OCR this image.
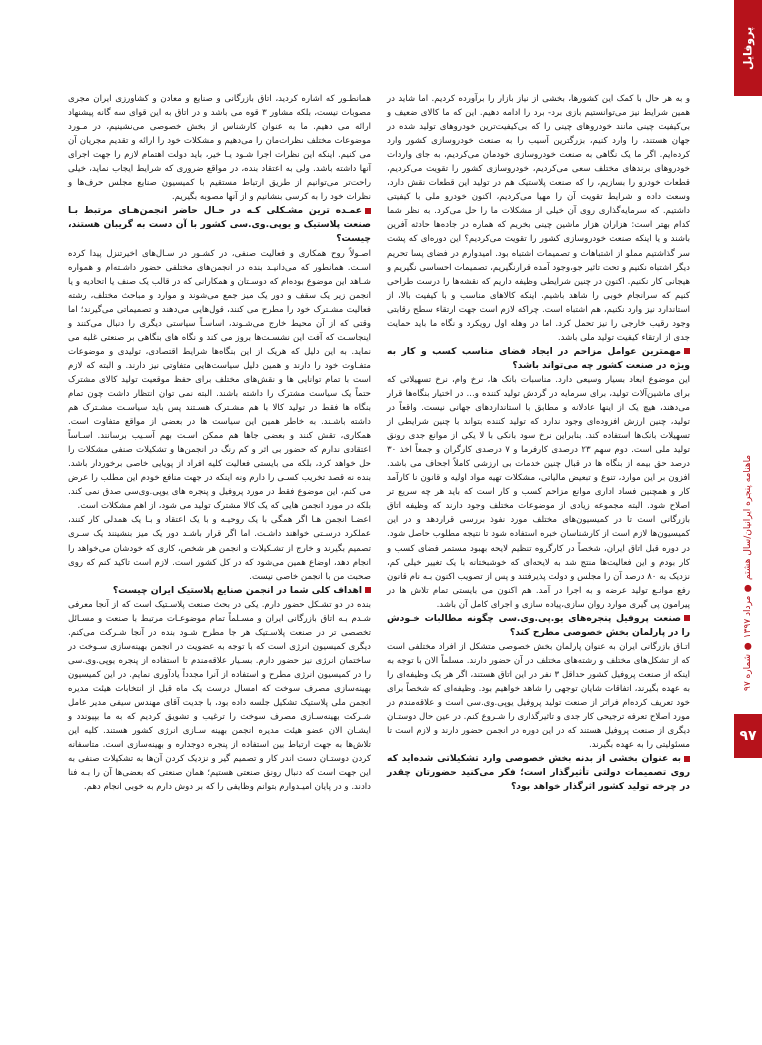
پروفایل
ماهنامه پنجره ایرانیان/سال هشتم ● مرداد ۱۳۹۷ ● شماره ۹۷
۹۷

و به هر حال با کمک این کشورها، بخشی از نیاز بازار را برآورده کردیم. اما شاید در همین شرایط نیز می‌توانستیم بازی برد- برد را ادامه دهیم. این که ما کالای ضعیف و بی‌کیفیت چینی مانند خودروهای چینی را که بی‌کیفیت‌ترین خودروهای تولید شده در جهان هستند، را وارد کنیم، بزرگترین آسیب را به صنعت خودروسازی کشور وارد کرده‌ایم. اگر ما یک نگاهی به صنعت خودروسازی خودمان می‌کردیم، به جای واردات خودروهای برندهای مختلف سعی می‌کردیم، خودروسازی کشور را تقویت می‌کردیم، قطعات خودرو را بسازیم، را که صنعت پلاستیک هم در تولید این قطعات نقش دارد، وسعت داده و شرایط تقویت آن را مهیا می‌کردیم، اکنون خودرو ملی با کیفیتی داشتیم. که سرمایه‌گذاری روی آن خیلی از مشکلات ما را حل می‌کرد. به نظر شما کدام بهتر است: هزاران هزار ماشین چینی بخریم که هماره در جاده‌ها حادثه آفرین باشند و یا اینکه صنعت خودروسازی کشور را تقویت می‌کردیم؟ این دوره‌ای که پشت سر گذاشتیم مملو از اشتباهات و تصمیمات اشتباه بود. امیدوارم در فضای پسا تحریم دیگر اشتباه نکنیم و تحت تاثیر جو،وجود آمده قرارنگیریم، تصمیمات احساسی نگیریم و هیجانی کار نکنیم. اکنون در چنین شرایطی وظیفه داریم که نقشه‌ها را درست طراحی کنیم که سرانجام خوبی را شاهد باشیم. اینکه کالاهای مناسب و با کیفیت بالا، از استاندارد نیز وارد نکنیم، هم اشتباه است. چراکه لازم است جهت ارتقاء سطح رقابتی وجود رقیب خارجی را نیز تحمل کرد. اما در وهله اول رویکرد و نگاه ما باید حمایت جدی از ارتقاء کیفیت تولید ملی باشد.

مهمترین عوامل مزاحم در ایجاد فضای مناسب کسب و کار به ویژه در صنعت کشور چه می‌تواند باشد؟

این موضوع ابعاد بسیار وسیعی دارد. مناسبات بانک ها، نرخ وام، نرخ تسهیلاتی که برای ماشین‌آلات تولید، برای سرمایه در گردش تولید کننده و... در اختیار بنگاه‌ها قرار می‌دهند، هیچ یک از اینها عادلانه و مطابق با استانداردهای جهانی نیست. واقعاً در تولید، چنین ارزش افزوده‌ای وجود ندارد که تولید کننده بتواند با چنین شرایطی از تسهیلات بانک‌ها استفاده کند. بنابراین نرخ سود بانکی با لا یکی از موانع جدی رونق تولید ملی است. دوم سهم ۲۳ درصدی کارفرما و ۷ درصدی کارگران و جمعاً اخذ ۳۰ درصد حق بیمه از بنگاه ها در قبال چنین خدمات بی ارزشی کاملاً اجحاف می باشد. افزون بر این موارد، تنوع و تبعیض مالیاتی، مشکلات تهیه مواد اولیه و قانون نا کارآمد کار و همچنین فساد اداری موانع مزاحم کسب و کار است که باید هر چه سریع تر اصلاح شود. البته مجموعه زیادی از موضوعات مختلف وجود دارند که وظیفه اتاق بازرگانی است تا در کمیسیون‌های مختلف مورد نفوذ بررسی قراردهد و در این کمیسیون‌ها لازم است از کارشناسان خبره استفاده شود تا نتیجه مطلوب حاصل شود. در دوره قبل اتاق ایران، شخصاً در کارگروه تنظیم لایحه بهبود مستمر فضای کسب و کار بودم و این فعالیت‌ها منتج شد به لایحه‌ای که خوشبختانه با یک تغییر خیلی کم، نزدیک به ۸۰ درصد آن را مجلس و دولت پذیرفتند و پس از تصویب اکنون بـه نام قانون رفع موانـع تولید عرضه و به اجرا در آمد. هم اکنون می بایستی تمام تلاش ها در پیرامون پی گیری موارد روان سازی،پیاده سازی و اجرای کامل آن باشد.

صنعت پروفیل پنجره‌های یو.پی.وی.سی چگونه مطالبات خـودش را در پارلمان بخش خصوصی مطرح کند؟

اتـاق بازرگانی ایران به عنوان پارلمان بخش خصوصی متشکل از افراد مختلفی است که از تشکل‌های مختلف و رشته‌های مختلف در آن حضور دارند. مسلماً الان با توجه به اینکه از صنعت پروفیل کشور حداقل ۳ نفر در این اتاق هستند، اگر هر یک وظیفه‌ای را به عهده بگیرند، اتفاقات شایان توجهی را شاهد خواهیم بود. وظیفه‌ای که شخصاً برای خود تعریف کرده‌ام فراتر از صنعت تولید پروفیل یوپی.وی.سی است و علاقه‌مندم در مورد اصلاح تعرفه ترجیحی کار جدی و تاثیرگذاری را شـروع کنم. در عین حال دوستـان دیگری از صنعت پروفیل هستند که در این دوره در انجمن حضور دارند و لازم است تا مسئولیتی را به عهده بگیرند.

به عنوان بخشی از بدنه بخش خصوصی وارد تشکیلاتی شده‌اید که روی تصمیمات دولتی تأثیرگذار است؛ فکر می‌کنید حضورتان چقدر در چرخه تولید کشور اثرگذار خواهد بود؟

همانطـور که اشاره کردید، اتاق بازرگانی و صنایع و معادن و کشاورزی ایران مجری مصوبات نیست، بلکه مشاور ۳ قوه می باشد و در اتاق به این قوای سه گانه پیشنهاد ارائه می دهیم. ما به عنوان کارشناس از بخش خصوصی می‌نشینیم، در مـورد موضوعات مختلف نظرات‌مان را می‌دهیم و مشکلات خود را ارائه و تقدیم مجریان آن می کنیم. اینکه این نظرات اجرا شـود یـا خیر، باید دولت اهتمام لازم را جهت اجرای آنها داشته باشد. ولی به اعتقاد بنده، در مواقع ضروری که شرایط ایجاب نماید، خیلی راحت‌تر می‌توانیم از طریق ارتباط مستقیم با کمیسیون صنایع مجلس حرف‌ها و نظرات خود را به کرسی بنشانیم و از آنها مصوبه بگیریم.

عمـده ترین مشـکلی کـه در حـال حاضر انجمن‌هـای مرتبط بـا صنعت پلاستیک و یوپی.وی.سی کشور با آن دست به گریبان هستند، چیست؟

اصـولاً روح همکاری و فعالیت صنفی، در کشـور در سـال‌های اخیرتنزل پیدا کرده اسـت. همانطور که می‌دانیـد بنده در انجمن‌های مختلفی حضور داشـته‌ام و همواره شـاهد این موضوع بوده‌ام که دوسـتان و همکارانی که در قالب یک صنف یا اتحادیه و یا انجمن زیر یک سقف و دور یک میز جمع می‌شوند و موارد و مباحث مختلف، رشته فعالیت مشـترک خود را مطرح می کنند، قول‌هایی می‌دهند و تصمیماتی می‌گیرند؛ اما وقتی که از آن محیط خارج می‌شـوند، اساسـاً سیاستی دیگری را دنبال می‌کنند و اینجاسـت که آفت این نشسـت‌ها بروز می کند و نگاه های بنگاهی بر صنعتی غلبه می نماید. به این دلیل که هریک از این بنگاه‌ها شرایط اقتصادی، تولیدی و موضوعات متفـاوت خود را دارند و همین دلیل سیاست‌هایی متفاوتی نیز دارند. و البته که لازم است با تمام توانایی ها و نقش‌های مختلف برای حفظ موقعیت تولید کالای مشترک حتماً یک سیاست مشترک را داشته باشند. البته نمی توان انتظار داشت چون تمام بنگاه ها فقط در تولید کالا با هم مشـترک هسـتند پس باید سیاسـت مشـترک هم داشته باشـند. به خاطر همین این سیاست ها در بعضی از مواقع متفاوت است. همکاری، تقش کنند و بعضی جاها هم ممکن اسـت بهم آسـیب برسانند. اسـاساً اعتقادی ندارم که حضور بی اثر و کم رنگ در انجمن‌ها و تشکیلات صنفی مشکلات را حل خواهد کرد، بلکه می بایستی فعالیت کلیه افراد از پویایی خاصی برخوردار باشد. بنده نه قصد تخریب کسـی را دارم ونه اینکه در جهت منافع خودم این مطلب را عرض می کنم، این موضوع فقط در مورد پروفیل و پنجره های یوپی.وی‌سی صدق نمی کند. بلکه در مورد انجمن هایی که یک کالا مشترک تولید می شود، از اهم مشکلات است.

اعضـا انجمن هـا اگر همگی با یک روحیـه و با یک اعتقاد و بـا یک همدلی کار کنند، عملکرد درسـتی خواهند داشـت. اما اگر قرار باشـد دور یک میز بنشینند یک سـری تصمیم بگیرند و خارج از تشـکیلات و انجمن هر شخص، کاری که خودشان می‌خواهد را انجام دهد، اوضاع همین می‌شود که در کل کشور است. لازم است تاکید کنم که روی صحبت من با انجمن خاصی نیست.

اهداف کلی شما در انجمن صنایع پلاستیک ایران چیست؟

بنده در دو تشـکل حضور دارم. یکی در بحث صنعت پلاسـتیک است که از آنجا معرفی شـدم بـه اتاق بازرگانی ایران و مسـلماً تمام موضوعـات مرتبط با صنعت و مسـائل تخصصی تر در صنعت پلاسـتیک هر جا مطرح شـود بنده در آنجا شـرکت می‌کنم. دیگری کمیسیون انرژی است که با توجه به عضویت در انجمن بهینه‌سازی سـوخت در ساختمان انرژی نیز حضور دارم. بسـیار علاقه‌مندم تا استفاده از پنجره یوپی.وی.سی را در کمیسیون انرژی مطرح و استفاده از آنرا مجدداً یادآوری نمایم. در این کمیسیون بهینه‌سازی مصرف سوخت که امسال درست یک ماه قبل از انتخابات هیئت مدیره انجمن ملی پلاستیک تشکیل جلسه داده بود، با جدیت آقای مهندس سیفی مدیر عامل شـرکت بهینه‌سـازی مصرف سوخت را ترغیب و تشویق کردیم که به ما بپیوندد و ایشـان الان عضو هیئت مدیره انجمن بهینه سـازی انرژی کشور هستند. کلیه این تلاش‌ها به جهت ارتباط بین استفاده از پنجره دوجداره و بهینه‌سازی است. متاسفانه کردن دوستـان دست اندر کار و تصمیم گیر و نزدیک کردن آن‌ها به تشکیلات صنفی به این جهت است که دنبال رونق صنعتی هستیم؛ همان صنعتی که بعضی‌ها آن را بـه فنا دادند. و در پایان امیـدوارم بتوانم وظایفی را که بر دوش دارم به خوبی انجام دهم.
